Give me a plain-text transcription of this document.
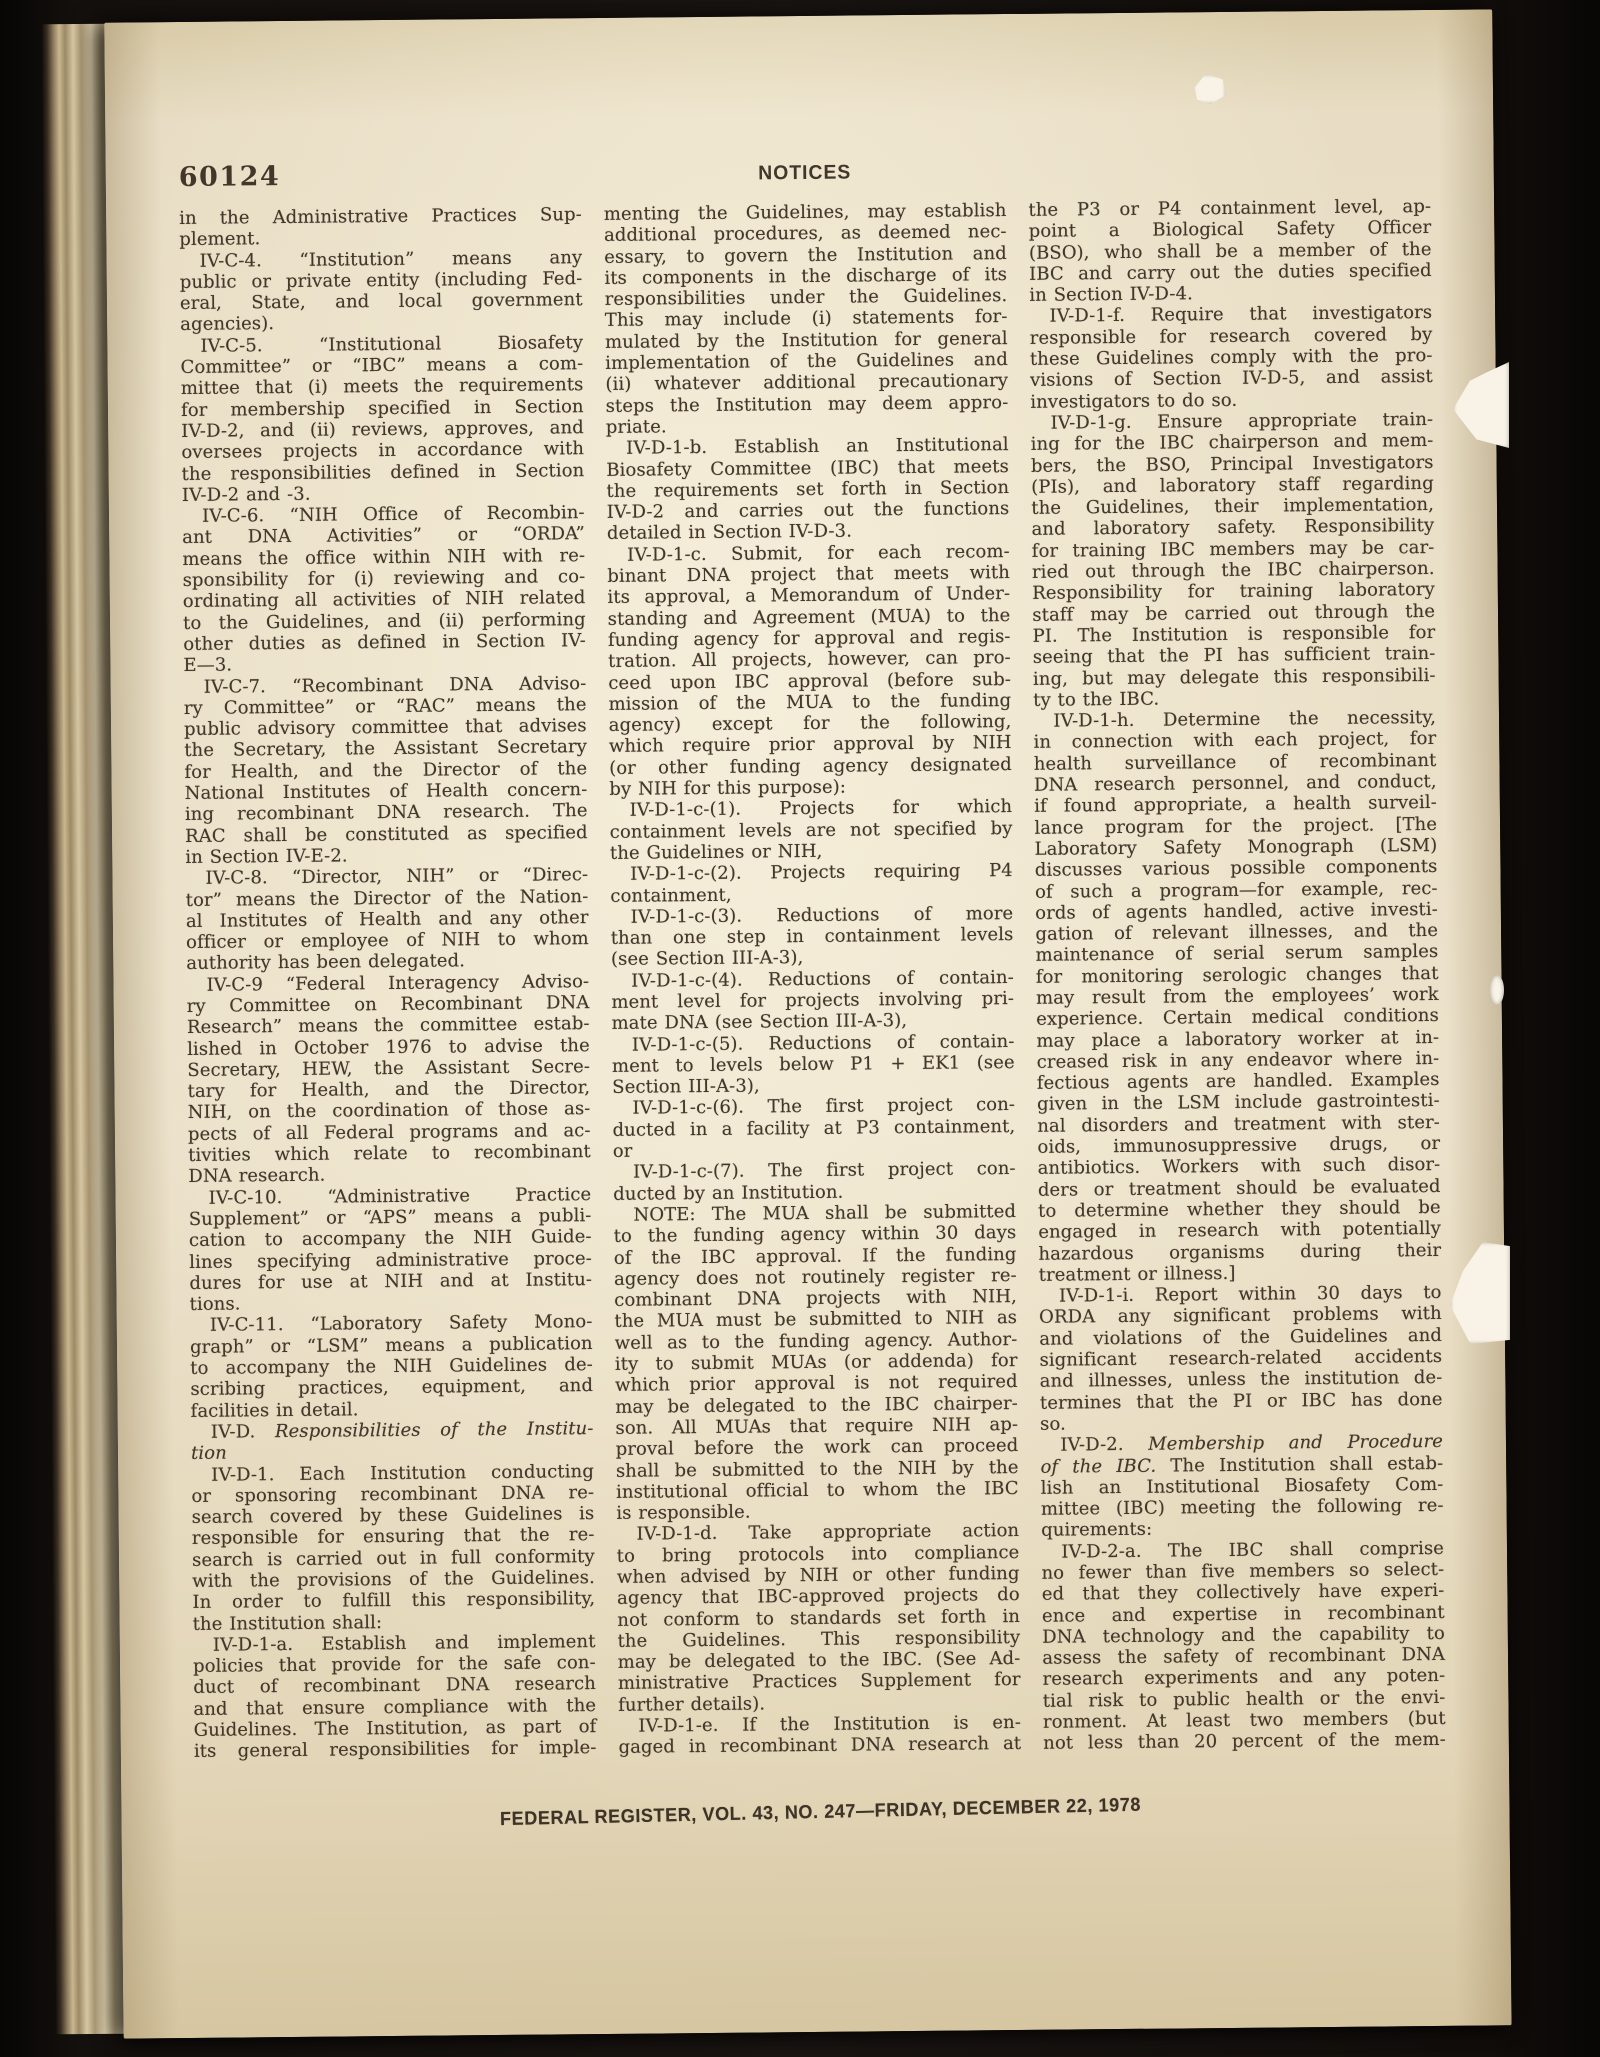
60124	NOTICES
in the Administrative Practices Sup-
plement.
IV-C-4. “Institution” means any
public or private entity (including Fed-
eral, State, and local government
agencies).
IV-C-5. “Institutional Biosafety
Committee” or “IBC” means a com-
mittee that (i) meets the requirements
for membership specified in Section
IV-D-2, and (ii) reviews, approves, and
oversees projects in accordance with
the responsibilities defined in Section
IV-D-2 and -3.
IV-C-6. “NIH Office of Recombin-
ant DNA Activities” or “ORDA”
means the office within NIH with re-
sponsibility for (i) reviewing and co-
ordinating all activities of NIH related
to the Guidelines, and (ii) performing
other duties as defined in Section IV-
E—3.
IV-C-7. “Recombinant DNA Adviso-
ry Committee” or “RAC” means the
public advisory committee that advises
the Secretary, the Assistant Secretary
for Health, and the Director of the
National Institutes of Health concern-
ing recombinant DNA research. The
RAC shall be constituted as specified
in Section IV-E-2.
IV-C-8. “Director, NIH” or “Direc-
tor” means the Director of the Nation-
al Institutes of Health and any other
officer or employee of NIH to whom
authority has been delegated.
IV-C-9 “Federal Interagency Adviso-
ry Committee on Recombinant DNA
Research” means the committee estab-
lished in October 1976 to advise the
Secretary, HEW, the Assistant Secre-
tary for Health, and the Director,
NIH, on the coordination of those as-
pects of all Federal programs and ac-
tivities which relate to recombinant
DNA research.
IV-C-10. “Administrative Practice
Supplement” or “APS” means a publi-
cation to accompany the NIH Guide-
lines specifying administrative proce-
dures for use at NIH and at Institu-
tions.
IV-C-11. “Laboratory Safety Mono-
graph” or “LSM” means a publication
to accompany the NIH Guidelines de-
scribing practices, equipment, and
facilities in detail.
IV-D. Responsibilities of the Institu-
tion
IV-D-1. Each Institution conducting
or sponsoring recombinant DNA re-
search covered by these Guidelines is
responsible for ensuring that the re-
search is carried out in full conformity
with the provisions of the Guidelines.
In order to fulfill this responsibility,
the Institution shall:
IV-D-1-a. Establish and implement
policies that provide for the safe con-
duct of recombinant DNA research
and that ensure compliance with the
Guidelines. The Institution, as part of
its general responsibilities for imple-
menting the Guidelines, may establish
additional procedures, as deemed nec-
essary, to govern the Institution and
its components in the discharge of its
responsibilities under the Guidelines.
This may include (i) statements for-
mulated by the Institution for general
implementation of the Guidelines and
(ii) whatever additional precautionary
steps the Institution may deem appro-
priate.
IV-D-1-b. Establish an Institutional
Biosafety Committee (IBC) that meets
the requirements set forth in Section
IV-D-2 and carries out the functions
detailed in Section IV-D-3.
IV-D-1-c. Submit, for each recom-
binant DNA project that meets with
its approval, a Memorandum of Under-
standing and Agreement (MUA) to the
funding agency for approval and regis-
tration. All projects, however, can pro-
ceed upon IBC approval (before sub-
mission of the MUA to the funding
agency) except for the following,
which require prior approval by NIH
(or other funding agency designated
by NIH for this purpose):
IV-D-1-c-(1). Projects for which
containment levels are not specified by
the Guidelines or NIH,
IV-D-1-c-(2). Projects requiring P4
containment,
IV-D-1-c-(3). Reductions of more
than one step in containment levels
(see Section III-A-3),
IV-D-1-c-(4). Reductions of contain-
ment level for projects involving pri-
mate DNA (see Section III-A-3),
IV-D-1-c-(5). Reductions of contain-
ment to levels below P1 + EK1 (see
Section III-A-3),
IV-D-1-c-(6). The first project con-
ducted in a facility at P3 containment,
or
IV-D-1-c-(7). The first project con-
ducted by an Institution.
NOTE: The MUA shall be submitted
to the funding agency within 30 days
of the IBC approval. If the funding
agency does not routinely register re-
combinant DNA projects with NIH,
the MUA must be submitted to NIH as
well as to the funding agency. Author-
ity to submit MUAs (or addenda) for
which prior approval is not required
may be delegated to the IBC chairper-
son. All MUAs that require NIH ap-
proval before the work can proceed
shall be submitted to the NIH by the
institutional official to whom the IBC
is responsible.
IV-D-1-d. Take appropriate action
to bring protocols into compliance
when advised by NIH or other funding
agency that IBC-approved projects do
not conform to standards set forth in
the Guidelines. This responsibility
may be delegated to the IBC. (See Ad-
ministrative Practices Supplement for
further details).
IV-D-1-e. If the Institution is en-
gaged in recombinant DNA research at
the P3 or P4 containment level, ap-
point a Biological Safety Officer
(BSO), who shall be a member of the
IBC and carry out the duties specified
in Section IV-D-4.
IV-D-1-f. Require that investigators
responsible for research covered by
these Guidelines comply with the pro-
visions of Section IV-D-5, and assist
investigators to do so.
IV-D-1-g. Ensure appropriate train-
ing for the IBC chairperson and mem-
bers, the BSO, Principal Investigators
(PIs), and laboratory staff regarding
the Guidelines, their implementation,
and laboratory safety. Responsibility
for training IBC members may be car-
ried out through the IBC chairperson.
Responsibility for training laboratory
staff may be carried out through the
PI. The Institution is responsible for
seeing that the PI has sufficient train-
ing, but may delegate this responsibili-
ty to the IBC.
IV-D-1-h. Determine the necessity,
in connection with each project, for
health surveillance of recombinant
DNA research personnel, and conduct,
if found appropriate, a health surveil-
lance program for the project. [The
Laboratory Safety Monograph (LSM)
discusses various possible components
of such a program—for example, rec-
ords of agents handled, active investi-
gation of relevant illnesses, and the
maintenance of serial serum samples
for monitoring serologic changes that
may result from the employees’ work
experience. Certain medical conditions
may place a laboratory worker at in-
creased risk in any endeavor where in-
fectious agents are handled. Examples
given in the LSM include gastrointesti-
nal disorders and treatment with ster-
oids, immunosuppressive drugs, or
antibiotics. Workers with such disor-
ders or treatment should be evaluated
to determine whether they should be
engaged in research with potentially
hazardous organisms during their
treatment or illness.]
IV-D-1-i. Report within 30 days to
ORDA any significant problems with
and violations of the Guidelines and
significant research-related accidents
and illnesses, unless the institution de-
termines that the PI or IBC has done
so.
IV-D-2. Membership and Procedure
of the IBC. The Institution shall estab-
lish an Institutional Biosafety Com-
mittee (IBC) meeting the following re-
quirements:
IV-D-2-a. The IBC shall comprise
no fewer than five members so select-
ed that they collectively have experi-
ence and expertise in recombinant
DNA technology and the capability to
assess the safety of recombinant DNA
research experiments and any poten-
tial risk to public health or the envi-
ronment. At least two members (but
not less than 20 percent of the mem-
FEDERAL REGISTER, VOL. 43, NO. 247—FRIDAY, DECEMBER 22, 1978
